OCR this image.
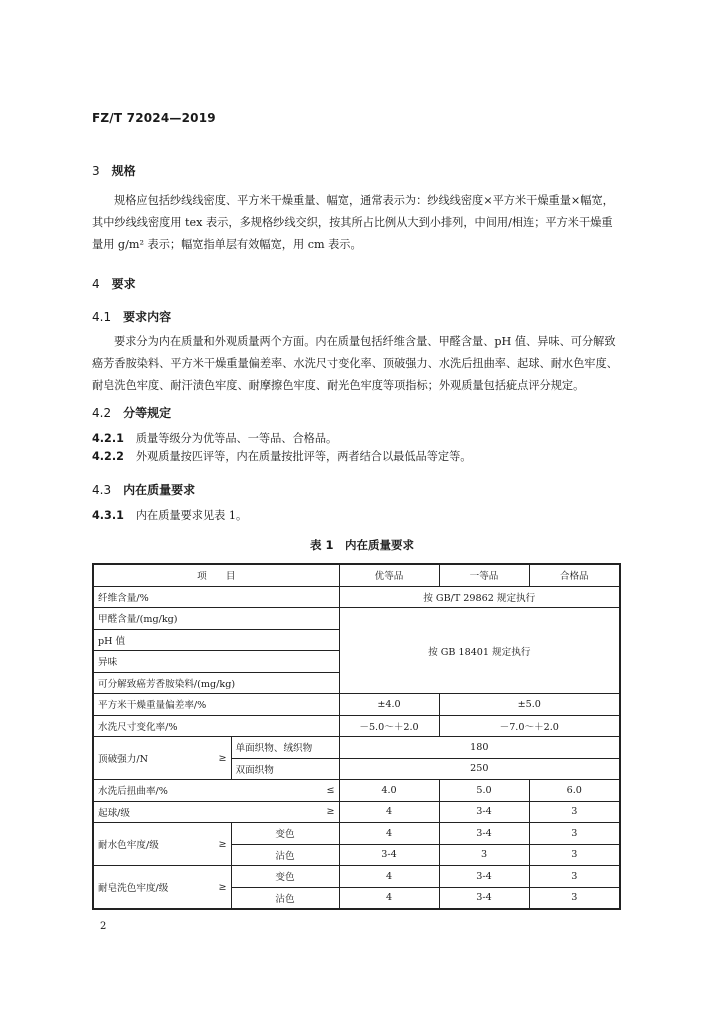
FZ/T 72024—2019
3 规格
规格应包括纱线线密度、平方米干燥重量、幅宽，通常表示为：纱线线密度×平方米干燥重量×幅宽，其中纱线线密度用 tex 表示，多规格纱线交织，按其所占比例从大到小排列，中间用/相连；平方米干燥重量用 g/m² 表示；幅宽指单层有效幅宽，用 cm 表示。
4 要求
4.1 要求内容
要求分为内在质量和外观质量两个方面。内在质量包括纤维含量、甲醛含量、pH 值、异味、可分解致癌芳香胺染料、平方米干燥重量偏差率、水洗尺寸变化率、顶破强力、水洗后扭曲率、起球、耐水色牢度、耐皂洗色牢度、耐汗渍色牢度、耐摩擦色牢度、耐光色牢度等项指标；外观质量包括疵点评分规定。
4.2 分等规定
4.2.1 质量等级分为优等品、一等品、合格品。
4.2.2 外观质量按匹评等，内在质量按批评等，两者结合以最低品等定等。
4.3 内在质量要求
4.3.1 内在质量要求见表 1。
表 1　内在质量要求
项　　目		优等品	一等品	合格品
纤维含量/%		按 GB/T 29862 规定执行		
甲醛含量/(mg/kg)		按 GB 18401 规定执行		
pH 值				
异味				
可分解致癌芳香胺染料/(mg/kg)				
平方米干燥重量偏差率/%		±4.0	±5.0	
水洗尺寸变化率/%		－5.0～＋2.0	－7.0～＋2.0	

顶破强力/N ≥	单面织物、绒织物	180		
	双面织物	250		

水洗后扭曲率/% ≤		4.0	5.0	6.0

起球/级 ≥		4	3-4	3

耐水色牢度/级 ≥	变色	4	3-4	3
	沾色	3-4	3	3

耐皂洗色牢度/级 ≥	变色	4	3-4	3
	沾色	4	3-4	3
2
